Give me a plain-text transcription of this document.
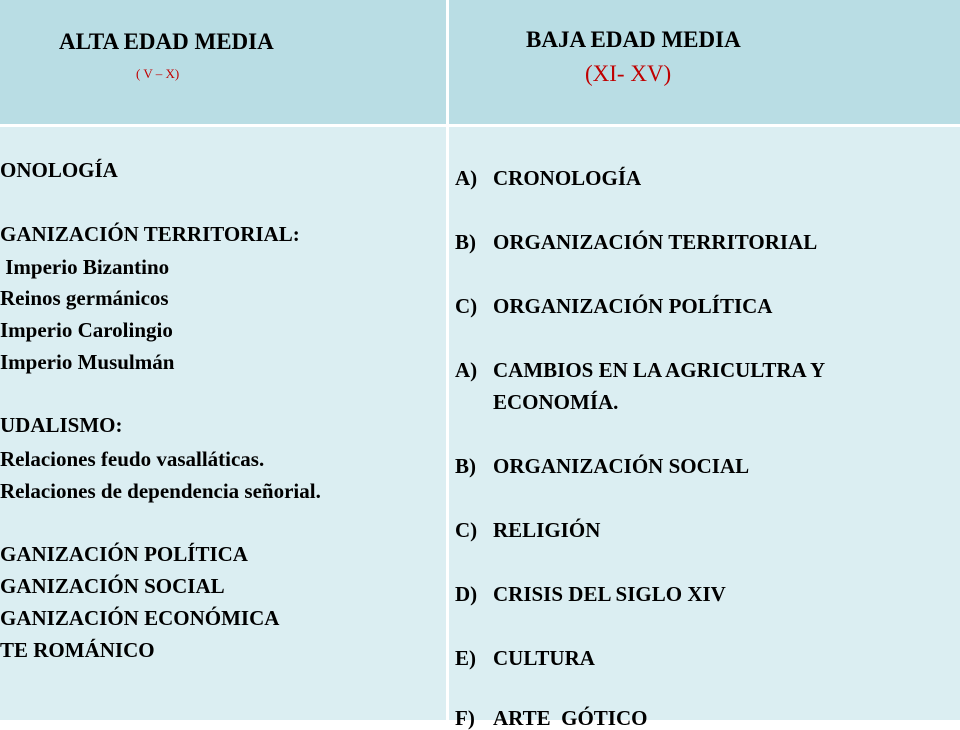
ALTA EDAD MEDIA
( V – X)
BAJA EDAD MEDIA
(XI- XV)
ONOLOGÍA
GANIZACIÓN TERRITORIAL:
Imperio Bizantino
Reinos germánicos
Imperio Carolingio
Imperio Musulmán
UDALISMO:
Relaciones feudo vasalláticas.
Relaciones de dependencia señorial.
GANIZACIÓN POLÍTICA
GANIZACIÓN SOCIAL
GANIZACIÓN ECONÓMICA
TE ROMÁNICO
A) CRONOLOGÍA
B) ORGANIZACIÓN TERRITORIAL
C) ORGANIZACIÓN POLÍTICA
A) CAMBIOS EN LA AGRICULTRA Y
ECONOMÍA.
B) ORGANIZACIÓN SOCIAL
C) RELIGIÓN
D) CRISIS DEL SIGLO XIV
E) CULTURA
F) ARTE  GÓTICO
